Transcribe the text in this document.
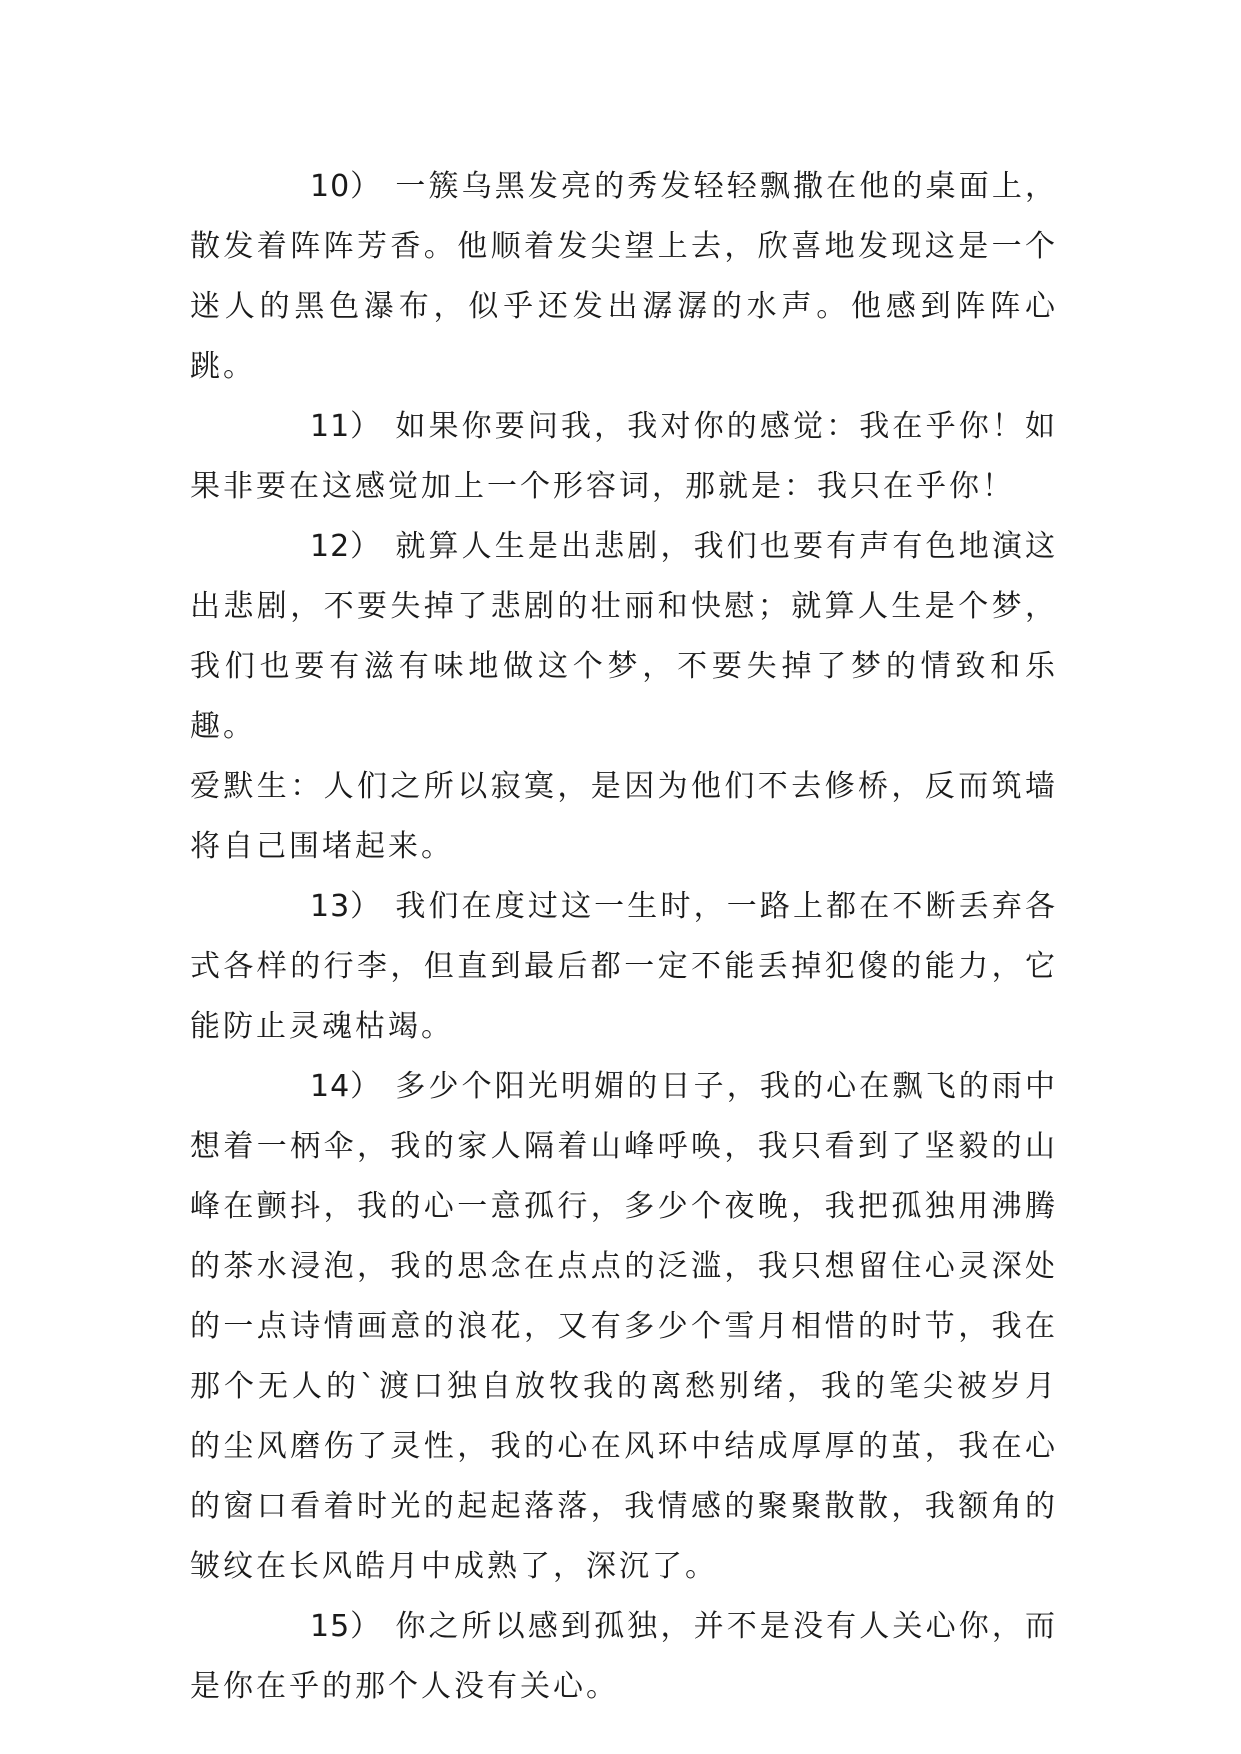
10） 一簇乌黑发亮的秀发轻轻飘撒在他的桌面上，散发着阵阵芳香。他顺着发尖望上去，欣喜地发现这是一个迷人的黑色瀑布，似乎还发出潺潺的水声。他感到阵阵心跳。

11） 如果你要问我，我对你的感觉：我在乎你！如果非要在这感觉加上一个形容词，那就是：我只在乎你！

12） 就算人生是出悲剧，我们也要有声有色地演这出悲剧，不要失掉了悲剧的壮丽和快慰；就算人生是个梦，我们也要有滋有味地做这个梦，不要失掉了梦的情致和乐趣。
爱默生：人们之所以寂寞，是因为他们不去修桥，反而筑墙将自己围堵起来。

13） 我们在度过这一生时，一路上都在不断丢弃各式各样的行李，但直到最后都一定不能丢掉犯傻的能力，它能防止灵魂枯竭。

14） 多少个阳光明媚的日子，我的心在飘飞的雨中想着一柄伞，我的家人隔着山峰呼唤，我只看到了坚毅的山峰在颤抖，我的心一意孤行，多少个夜晚，我把孤独用沸腾的茶水浸泡，我的思念在点点的泛滥，我只想留住心灵深处的一点诗情画意的浪花，又有多少个雪月相惜的时节，我在那个无人的`渡口独自放牧我的离愁别绪，我的笔尖被岁月的尘风磨伤了灵性，我的心在风环中结成厚厚的茧，我在心的窗口看着时光的起起落落，我情感的聚聚散散，我额角的皱纹在长风皓月中成熟了，深沉了。

15） 你之所以感到孤独，并不是没有人关心你，而是你在乎的那个人没有关心。
